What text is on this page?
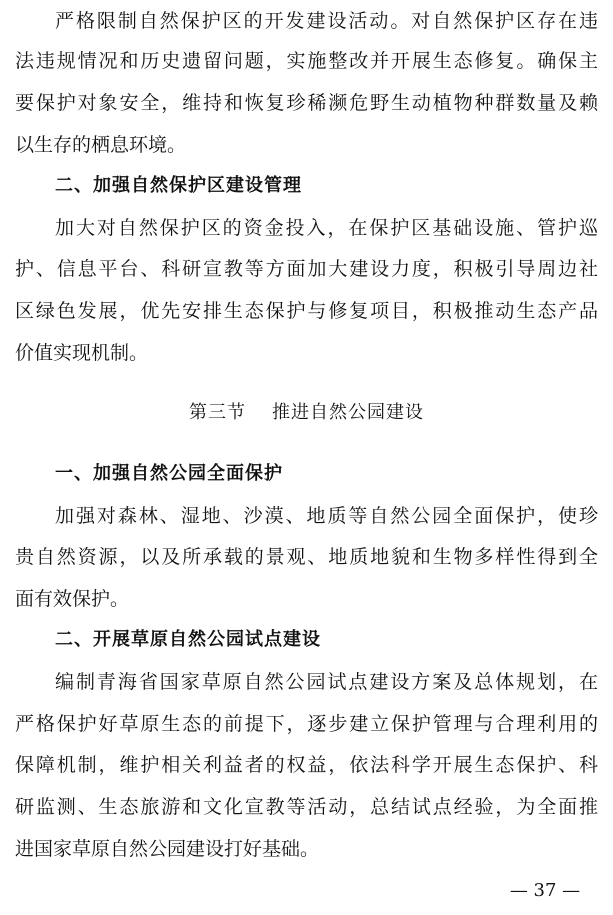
严格限制自然保护区的开发建设活动。对自然保护区存在违
法违规情况和历史遗留问题，实施整改并开展生态修复。确保主
要保护对象安全，维持和恢复珍稀濒危野生动植物种群数量及赖
以生存的栖息环境。
二、加强自然保护区建设管理
加大对自然保护区的资金投入，在保护区基础设施、管护巡
护、信息平台、科研宣教等方面加大建设力度，积极引导周边社
区绿色发展，优先安排生态保护与修复项目，积极推动生态产品
价值实现机制。
第三节 推进自然公园建设
一、加强自然公园全面保护
加强对森林、湿地、沙漠、地质等自然公园全面保护，使珍
贵自然资源，以及所承载的景观、地质地貌和生物多样性得到全
面有效保护。
二、开展草原自然公园试点建设
编制青海省国家草原自然公园试点建设方案及总体规划，在
严格保护好草原生态的前提下，逐步建立保护管理与合理利用的
保障机制，维护相关利益者的权益，依法科学开展生态保护、科
研监测、生态旅游和文化宣教等活动，总结试点经验，为全面推
进国家草原自然公园建设打好基础。
— 37 —
